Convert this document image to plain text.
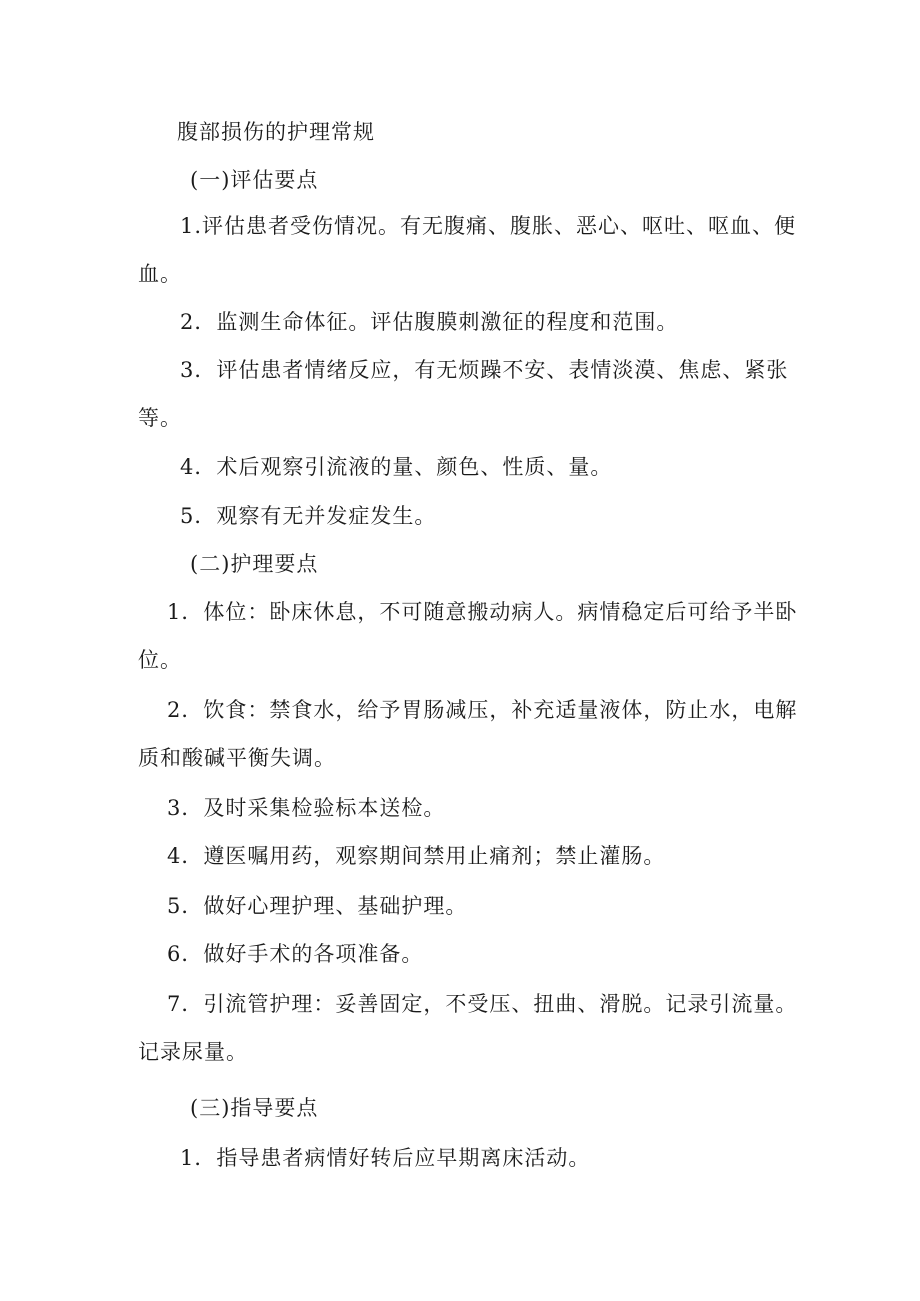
腹部损伤的护理常规
(一)评估要点
1.评估患者受伤情况。有无腹痛、腹胀、恶心、呕吐、呕血、便
血。
2．监测生命体征。评估腹膜刺激征的程度和范围。
3．评估患者情绪反应，有无烦躁不安、表情淡漠、焦虑、紧张
等。
4．术后观察引流液的量、颜色、性质、量。
5．观察有无并发症发生。
(二)护理要点
1．体位：卧床休息，不可随意搬动病人。病情稳定后可给予半卧
位。
2．饮食：禁食水，给予胃肠减压，补充适量液体，防止水，电解
质和酸碱平衡失调。
3．及时采集检验标本送检。
4．遵医嘱用药，观察期间禁用止痛剂；禁止灌肠。
5．做好心理护理、基础护理。
6．做好手术的各项准备。
7．引流管护理：妥善固定，不受压、扭曲、滑脱。记录引流量。
记录尿量。
(三)指导要点
1．指导患者病情好转后应早期离床活动。
